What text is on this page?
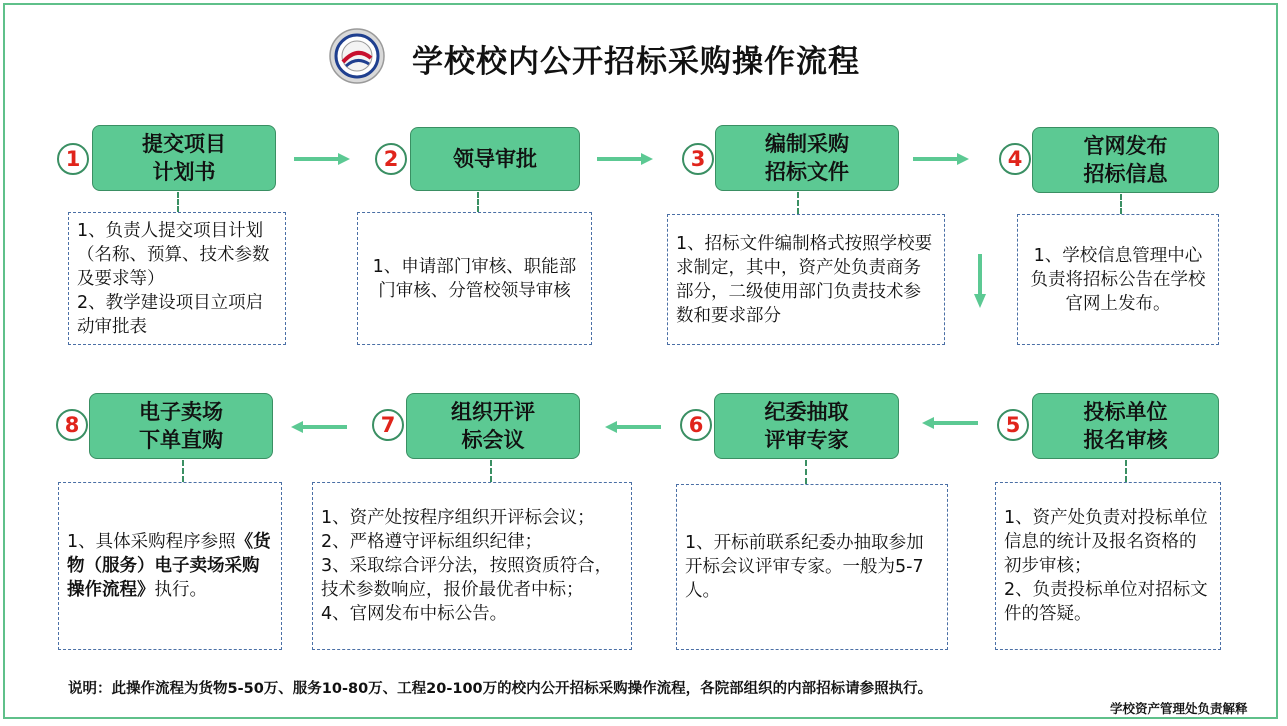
学校校内公开招标采购操作流程
1	2	3	4
提交项目
计划书
领导审批
编制采购
招标文件
官网发布
招标信息

1、负责人提交项目计划（名称、预算、技术参数及要求等）

2、教学建设项目立项启动审批表

1、申请部门审核、职能部门审核、分管校领导审核

1、招标文件编制格式按照学校要求制定，其中，资产处负责商务部分，二级使用部门负责技术参数和要求部分

1、学校信息管理中心负责将招标公告在学校官网上发布。

8	7	6	5
电子卖场
下单直购
组织开评
标会议
纪委抽取
评审专家
投标单位
报名审核

1、具体采购程序参照《货物（服务）电子卖场采购操作流程》执行。

1、资产处按程序组织开评标会议；

2、严格遵守评标组织纪律；

3、采取综合评分法，按照资质符合，技术参数响应，报价最优者中标；

4、官网发布中标公告。

1、开标前联系纪委办抽取参加开标会议评审专家。一般为5-7人。

1、资产处负责对投标单位信息的统计及报名资格的初步审核；

2、负责投标单位对招标文件的答疑。

说明：此操作流程为货物5-50万、服务10-80万、工程20-100万的校内公开招标采购操作流程，各院部组织的内部招标请参照执行。
学校资产管理处负责解释
